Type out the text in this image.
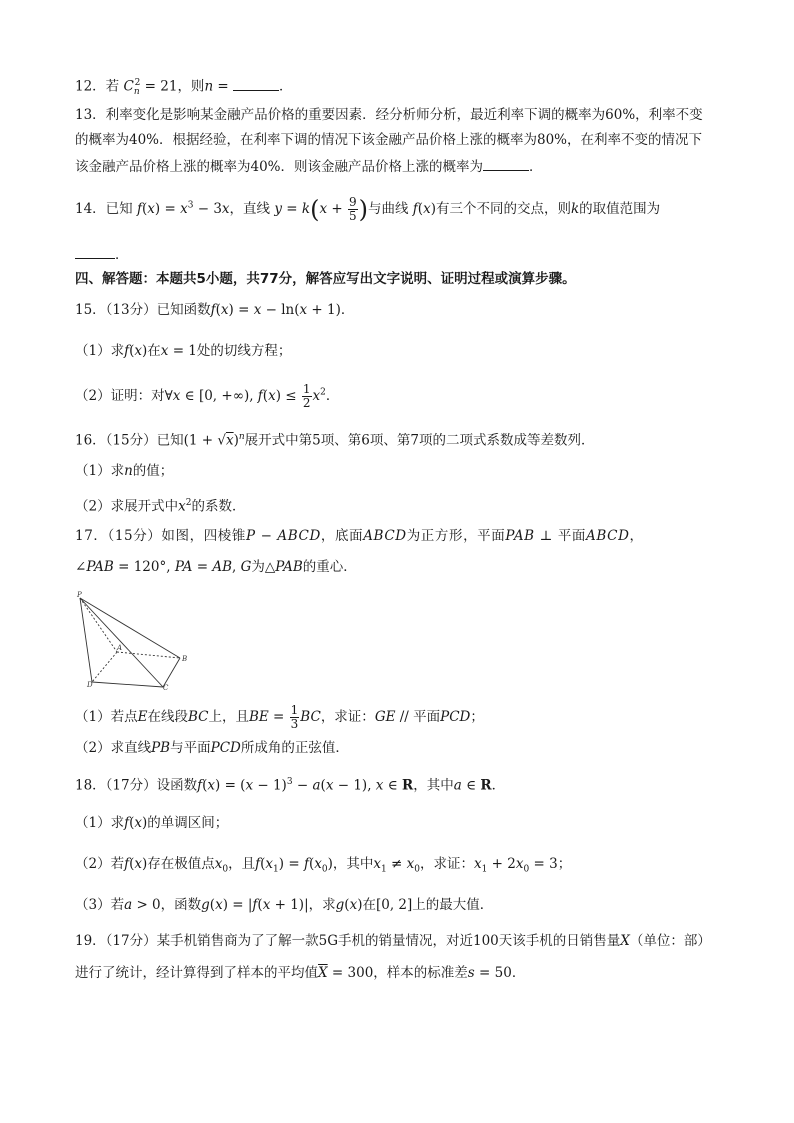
12．若 $C_n^2 = 21$，则n =	．
13．利率变化是影响某金融产品价格的重要因素．经分析师分析，最近利率下调的概率为60%，利率不变
的概率为40%．根据经验，在利率下调的情况下该金融产品价格上涨的概率为80%，在利率不变的情况下
该金融产品价格上涨的概率为40%．则该金融产品价格上涨的概率为	．
14．已知 $f(x) = x^3 - 3x$，直线 $y = k(x + \frac{9}{5}$ )与曲线 f(x)有三个不同的交点，则k的取值范围为
．
四、解答题：本题共5小题，共77分，解答应写出文字说明、证明过程或演算步骤。
15．（13分）已知函数f(x) = x − ln(x + 1)．
（1）求f(x)在x = 1处的切线方程；
（2）证明：对∀x ∈ [0, +∞), $f(x) \le \frac{1}{2} x^2$．
16．（15分）已知$(1 + √x)^n$展开式中第5项、第6项、第7项的二项式系数成等差数列．
（1）求n的值；
（2）求展开式中$x^2$的系数．
17．（15分）如图，四棱锥P − ABCD，底面ABCD为正方形，平面PAB ⊥ 平面ABCD，
∠PAB = 120°, PA = AB, G为△PAB的重心．
P
A
B
C
D
（1）若点E在线段BC上，且BE = $\frac{1}{3}$ BC，求证：GE // 平面PCD；
（2）求直线PB与平面PCD所成角的正弦值．
18．（17分）设函数$f(x) = (x - 1)^3 - a(x - 1)$, x ∈ R，其中a ∈ R．
（1）求f(x)的单调区间；
（2）若f(x)存在极值点$x_0$，且$f(x_1) = f(x_0)$，其中$x_1 \ne x_0$，求证：$x_1 + 2x_0 = 3$；
（3）若a > 0，函数g(x) = |f(x + 1)|，求g(x)在[0, 2]上的最大值．
19．（17分）某手机销售商为了了解一款5G手机的销量情况，对近100天该手机的日销售量X（单位：部）
进行了统计，经计算得到了样本的平均值$\overline{X} = 300$，样本的标准差s = 50．
